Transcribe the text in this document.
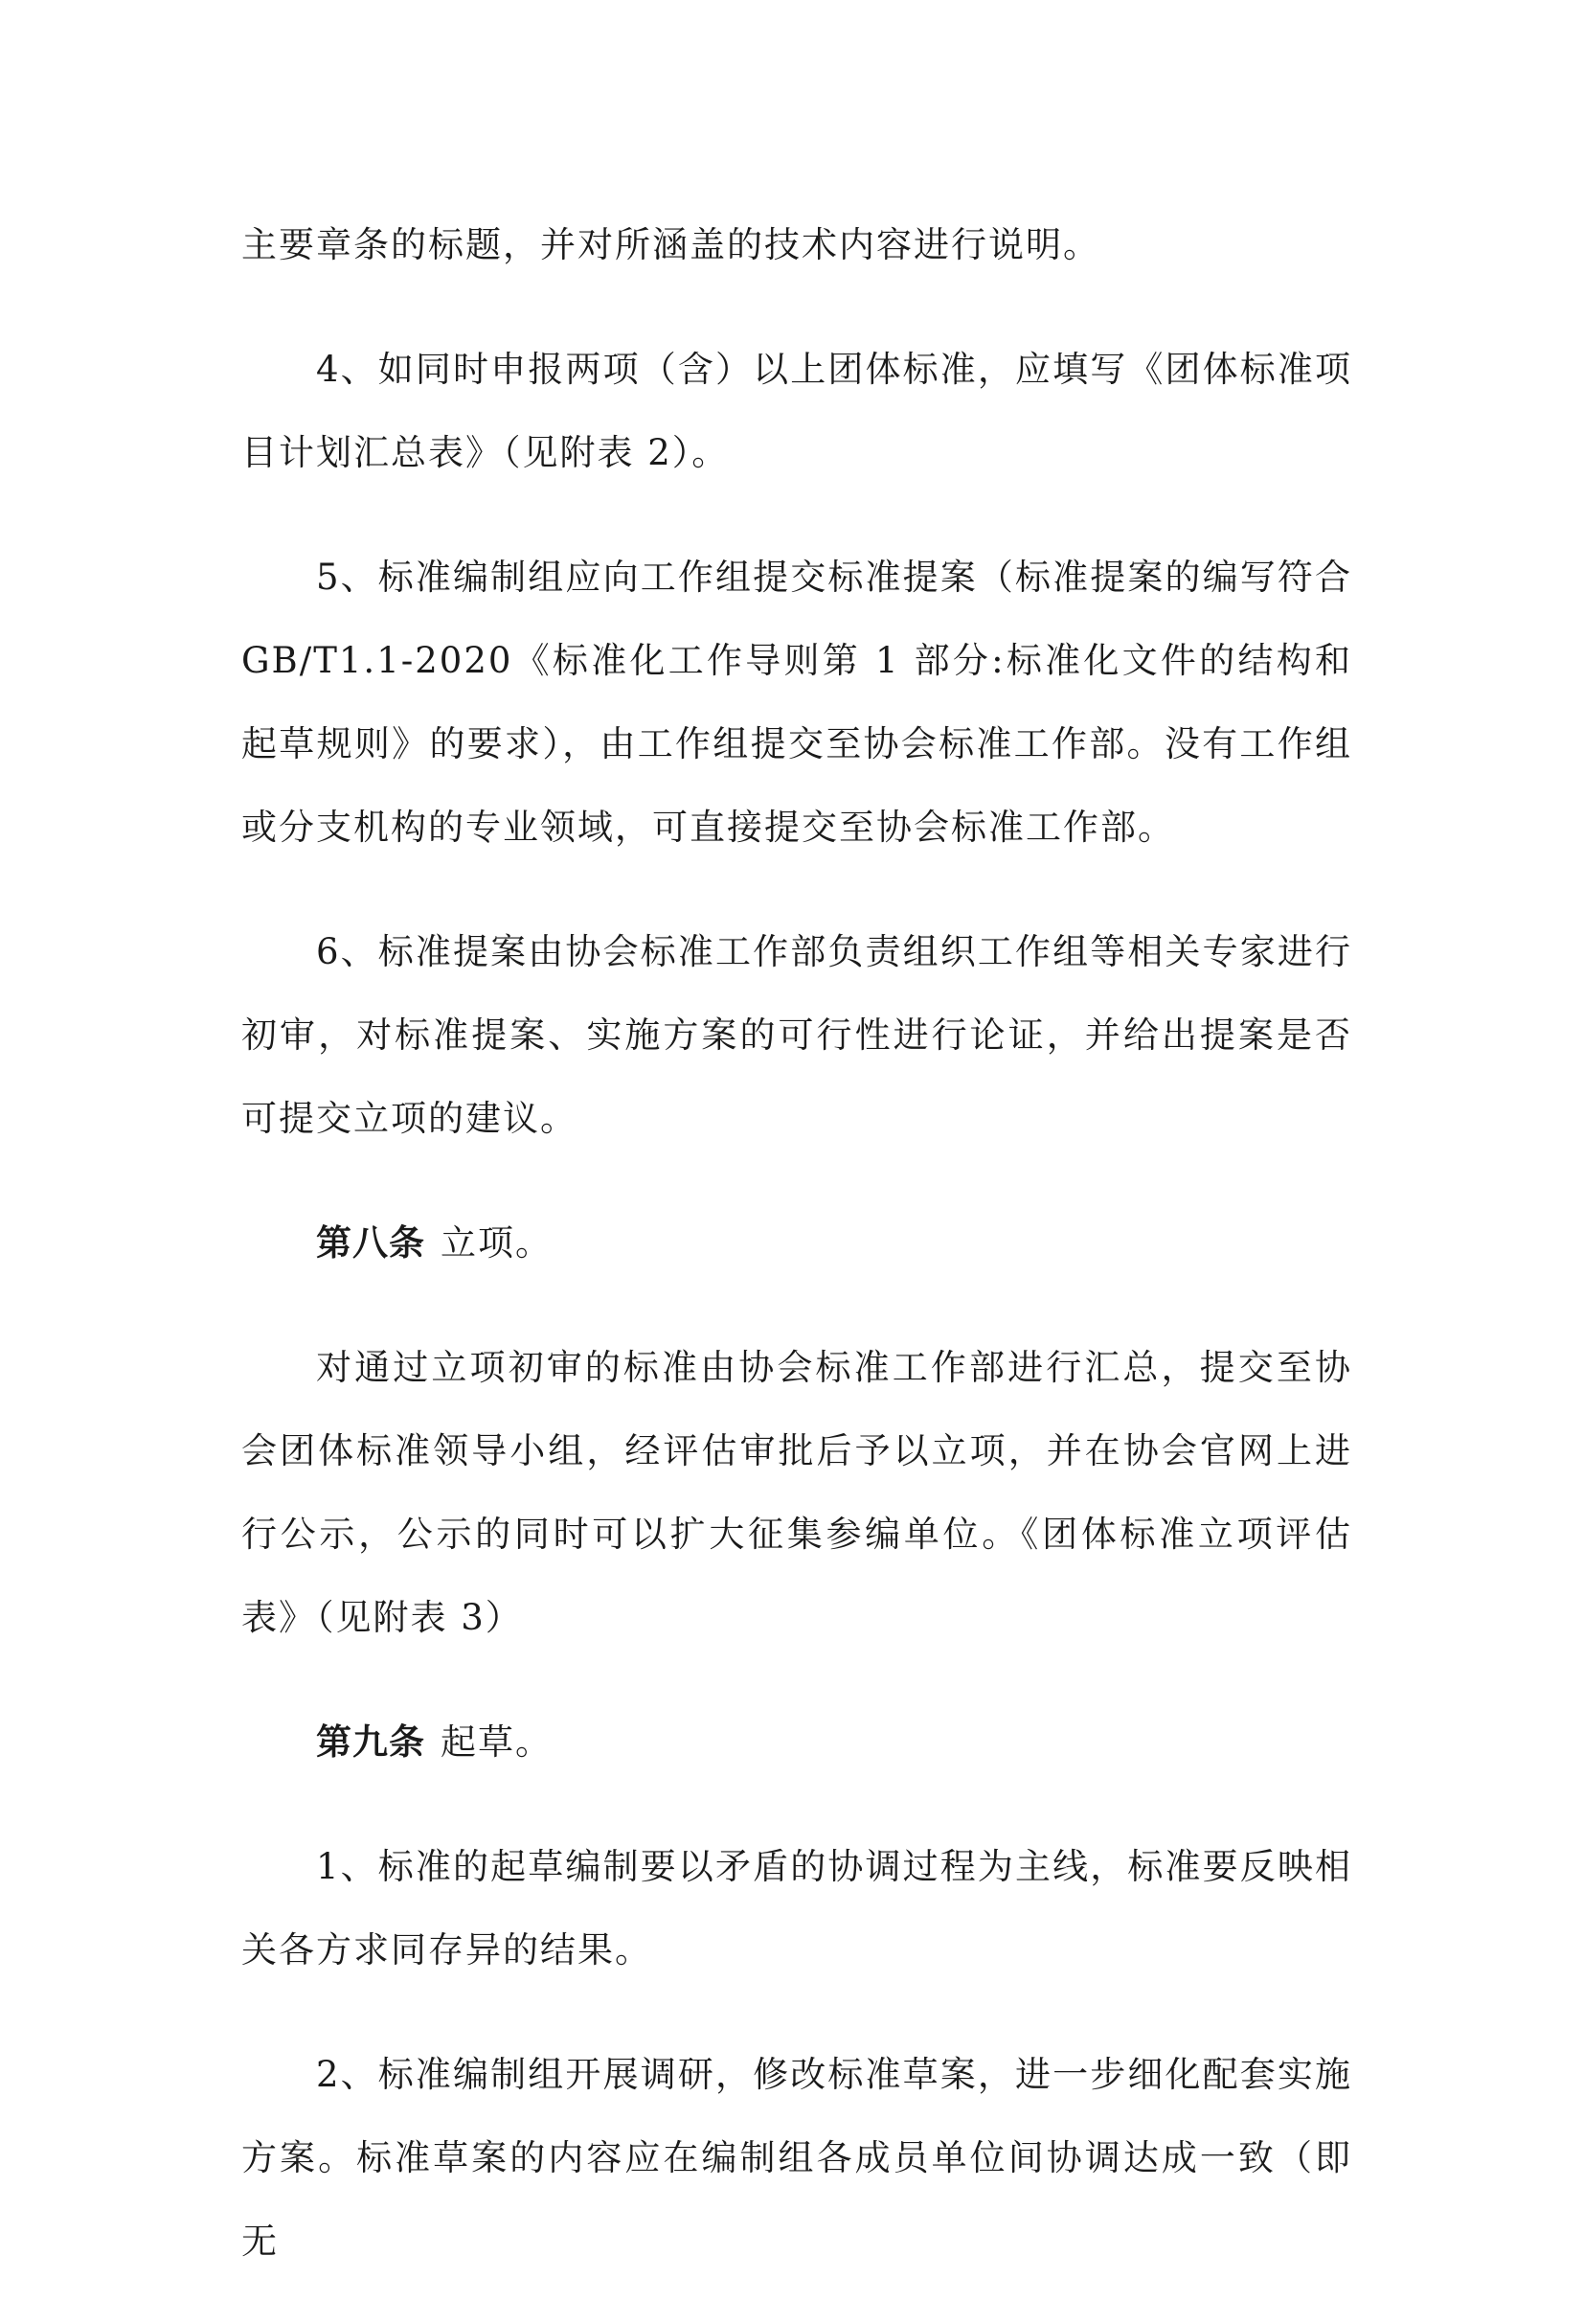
主要章条的标题，并对所涵盖的技术内容进行说明。

4、如同时申报两项（含）以上团体标准，应填写《团体标准项目计划汇总表》（见附表 2）。

5、标准编制组应向工作组提交标准提案（标准提案的编写符合 GB/T1.1-2020《标准化工作导则第 1 部分:标准化文件的结构和起草规则》的要求），由工作组提交至协会标准工作部。没有工作组或分支机构的专业领域，可直接提交至协会标准工作部。

6、标准提案由协会标准工作部负责组织工作组等相关专家进行初审，对标准提案、实施方案的可行性进行论证，并给出提案是否可提交立项的建议。

第八条 立项。

对通过立项初审的标准由协会标准工作部进行汇总，提交至协会团体标准领导小组，经评估审批后予以立项，并在协会官网上进行公示，公示的同时可以扩大征集参编单位。《团体标准立项评估表》（见附表 3）

第九条 起草。

1、标准的起草编制要以矛盾的协调过程为主线，标准要反映相关各方求同存异的结果。

2、标准编制组开展调研，修改标准草案，进一步细化配套实施方案。标准草案的内容应在编制组各成员单位间协调达成一致（即无
